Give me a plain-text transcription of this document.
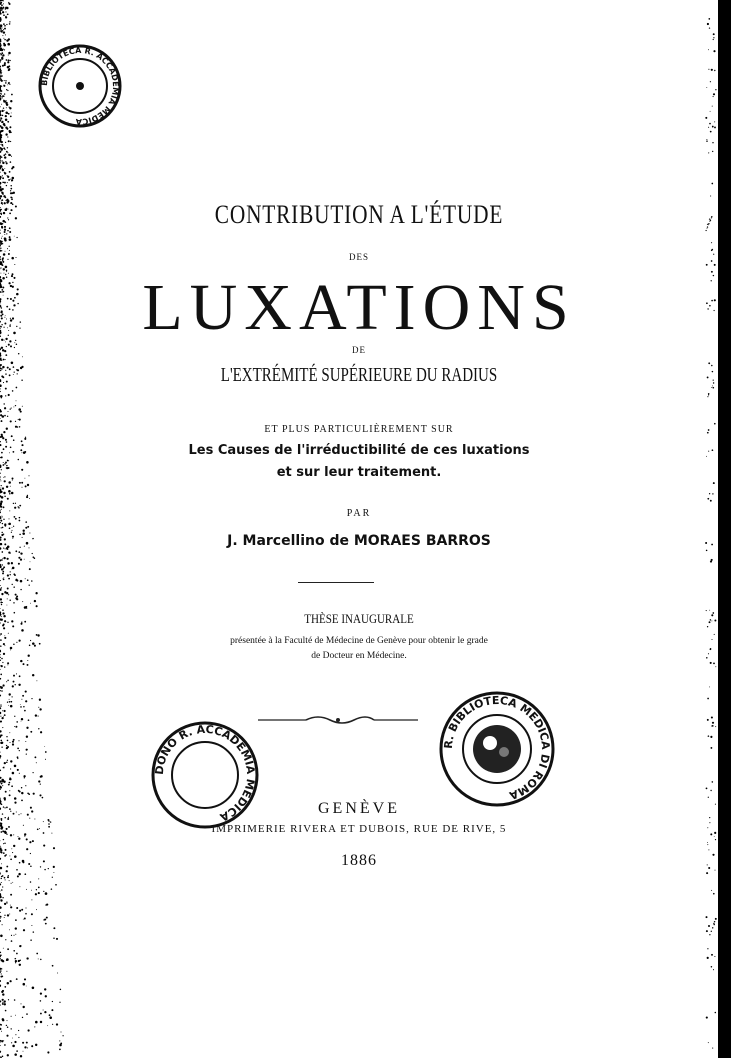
CONTRIBUTION A L'ÉTUDE
DES
LUXATIONS
DE
L'EXTRÉMITÉ SUPÉRIEURE DU RADIUS
ET PLUS PARTICULIÈREMENT SUR
Les Causes de l'irréductibilité de ces luxations
et sur leur traitement.
PAR
J. Marcellino de MORAES BARROS
THÈSE INAUGURALE
présentée à la Faculté de Médecine de Genève pour obtenir le grade
de Docteur en Médecine.
GENÈVE
IMPRIMERIE RIVERA ET DUBOIS, RUE DE RIVE, 5
1886
BIBLIOTECA R. ACCADEMIA MEDICA
DONO R. ACCADEMIA MEDICA
R. BIBLIOTECA MEDICA DI ROMA
